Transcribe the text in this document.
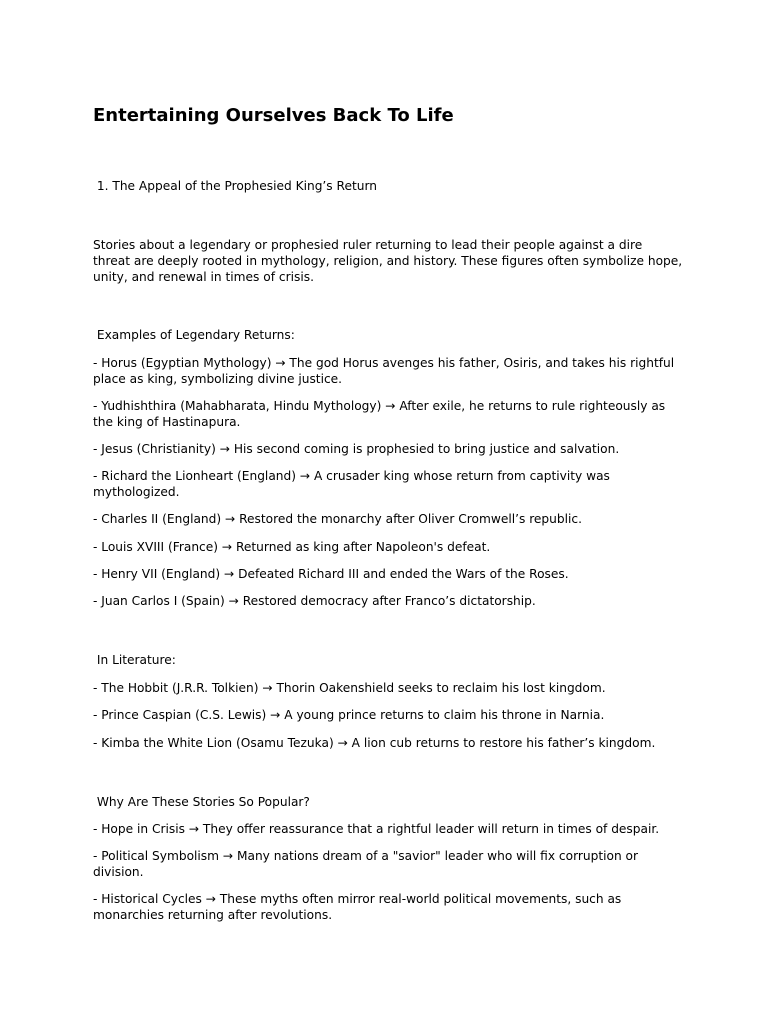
Entertaining Ourselves Back To Life

1. The Appeal of the Prophesied King’s Return

Stories about a legendary or prophesied ruler returning to lead their people against a dire threat are deeply rooted in mythology, religion, and history. These figures often symbolize hope, unity, and renewal in times of crisis.

Examples of Legendary Returns:

- Horus (Egyptian Mythology) → The god Horus avenges his father, Osiris, and takes his rightful place as king, symbolizing divine justice.

- Yudhishthira (Mahabharata, Hindu Mythology) → After exile, he returns to rule righteously as the king of Hastinapura.

- Jesus (Christianity) → His second coming is prophesied to bring justice and salvation.

- Richard the Lionheart (England) → A crusader king whose return from captivity was mythologized.

- Charles II (England) → Restored the monarchy after Oliver Cromwell’s republic.

- Louis XVIII (France) → Returned as king after Napoleon's defeat.

- Henry VII (England) → Defeated Richard III and ended the Wars of the Roses.

- Juan Carlos I (Spain) → Restored democracy after Franco’s dictatorship.

In Literature:

- The Hobbit (J.R.R. Tolkien) → Thorin Oakenshield seeks to reclaim his lost kingdom.

- Prince Caspian (C.S. Lewis) → A young prince returns to claim his throne in Narnia.

- Kimba the White Lion (Osamu Tezuka) → A lion cub returns to restore his father’s kingdom.

Why Are These Stories So Popular?

- Hope in Crisis → They offer reassurance that a rightful leader will return in times of despair.

- Political Symbolism → Many nations dream of a "savior" leader who will fix corruption or division.

- Historical Cycles → These myths often mirror real-world political movements, such as monarchies returning after revolutions.
